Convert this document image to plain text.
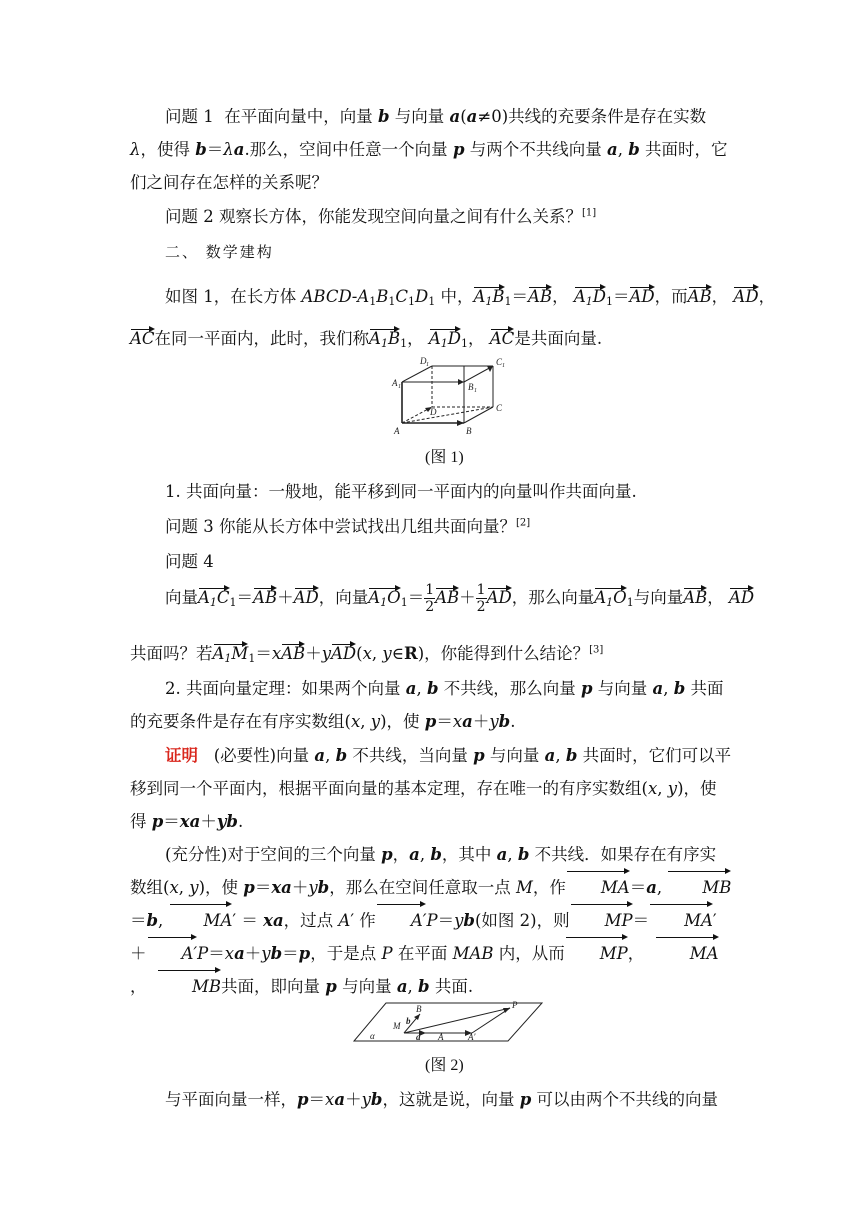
问题 1  在平面向量中，向量 b 与向量 a(a≠0)共线的充要条件是存在实数λ，使得 b＝λa.那么，空间中任意一个向量 p 与两个不共线向量 a, b 共面时，它们之间存在怎样的关系呢？

问题 2 观察长方体，你能发现空间向量之间有什么关系？[1]
二、 数学建构
如图 1，在长方体 ABCD-$A_1B_1C_1D_1$ 中，$A_1B_1=AB$， $A_1D_1=AD$，而AB， AD，
AC在同一平面内，此时，我们称$A_1B_1$， $A_1D_1$， AC是共面向量.
D 1	C 1
A 1	B 1
D	C
A	B
(图 1)
1. 共面向量：一般地，能平移到同一平面内的向量叫作共面向量.
问题 3 你能从长方体中尝试找出几组共面向量？[2]
问题 4
向量$A_1C_1=AB+AD$，向量$A_1O_1= \frac{1}{2} AB+ \frac{1}{2}$ AD，那么向量$A_1O_1$与向量AB， AD
共面吗？若$A_1M_1=xAB+yAD(x$, y∈R)，你能得到什么结论？[3]

2. 共面向量定理：如果两个向量 a, b 不共线，那么向量 p 与向量 a, b 共面的充要条件是存在有序实数组(x, y)，使 p＝xa＋yb.

证明   (必要性)向量 a, b 不共线，当向量 p 与向量 a, b 共面时，它们可以平移到同一个平面内，根据平面向量的基本定理，存在唯一的有序实数组(x, y)，使得 p＝xa＋yb.

(充分性)对于空间的三个向量 p，a, b，其中 a, b 不共线．如果存在有序实数组(x, y)，使 p＝xa＋yb，那么在空间任意取一点 M，作 MA＝a, MB＝b, MA′ ＝ xa，过点 A′ 作 A′P＝yb(如图 2)，则 MP＝ MA′ ＋ A′P＝xa＋yb＝p，于是点 P 在平面 MAB 内，从而 MP，  MA，  MB共面，即向量 p 与向量 a, b 共面.

B	P
M b
a A	A′
α
(图 2)
与平面向量一样，p＝xa＋yb，这就是说，向量 p 可以由两个不共线的向量
